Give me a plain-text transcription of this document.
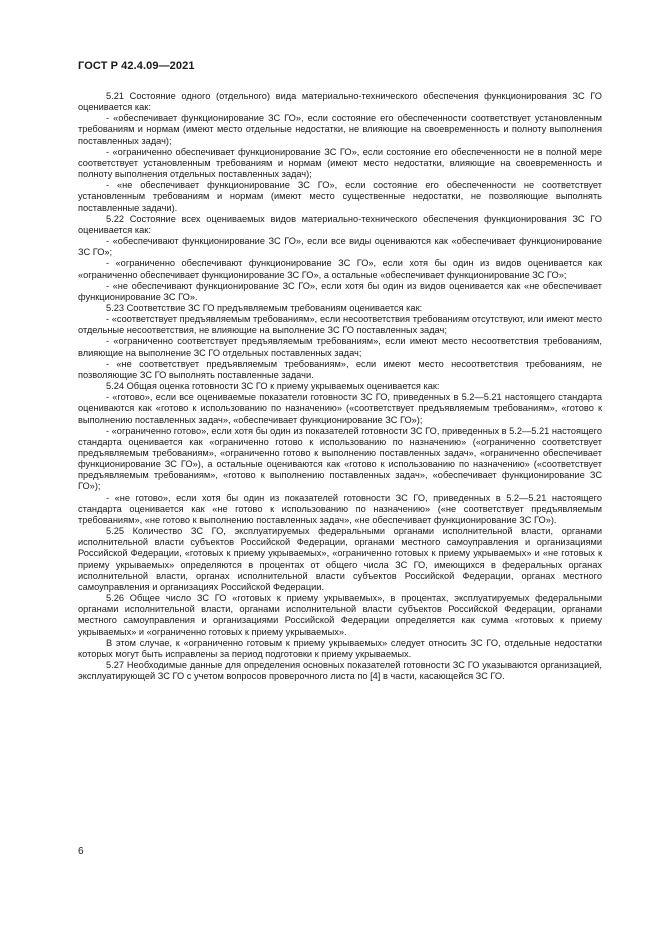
ГОСТ Р 42.4.09—2021

5.21 Состояние одного (отдельного) вида материально-технического обеспечения функционирования ЗС ГО оценивается как:

- «обеспечивает функционирование ЗС ГО», если состояние его обеспеченности соответствует установленным требованиям и нормам (имеют место отдельные недостатки, не влияющие на своевременность и полноту выполнения поставленных задач);

- «ограниченно обеспечивает функционирование ЗС ГО», если состояние его обеспеченности не в полной мере соответствует установленным требованиям и нормам (имеют место недостатки, влияющие на своевременность и полноту выполнения отдельных поставленных задач);

- «не обеспечивает функционирование ЗС ГО», если состояние его обеспеченности не соответствует установленным требованиям и нормам (имеют место существенные недостатки, не позволяющие выполнять поставленные задачи).

5.22 Состояние всех оцениваемых видов материально-технического обеспечения функционирования ЗС ГО оценивается как:

- «обеспечивают функционирование ЗС ГО», если все виды оцениваются как «обеспечивает функционирование ЗС ГО»;

- «ограниченно обеспечивают функционирование ЗС ГО», если хотя бы один из видов оценивается как «ограниченно обеспечивает функционирование ЗС ГО», а остальные «обеспечивает функционирование ЗС ГО»;

- «не обеспечивают функционирование ЗС ГО», если хотя бы один из видов оценивается как «не обеспечивает функционирование ЗС ГО».

5.23 Соответствие ЗС ГО предъявляемым требованиям оценивается как:

- «соответствует предъявляемым требованиям», если несоответствия требованиям отсутствуют, или имеют место отдельные несоответствия, не влияющие на выполнение ЗС ГО поставленных задач;

- «ограниченно соответствует предъявляемым требованиям», если имеют место несоответствия требованиям, влияющие на выполнение ЗС ГО отдельных поставленных задач;

- «не соответствует предъявляемым требованиям», если имеют место несоответствия требованиям, не позволяющие ЗС ГО выполнять поставленные задачи.

5.24 Общая оценка готовности ЗС ГО к приему укрываемых оценивается как:

- «готово», если все оцениваемые показатели готовности ЗС ГО, приведенных в 5.2—5.21 настоящего стандарта оцениваются как «готово к использованию по назначению» («соответствует предъявляемым требованиям», «готово к выполнению поставленных задач», «обеспечивает функционирование ЗС ГО»);

- «ограниченно готово», если хотя бы один из показателей готовности ЗС ГО, приведенных в 5.2—5.21 настоящего стандарта оценивается как «ограниченно готово к использованию по назначению» («ограниченно соответствует предъявляемым требованиям», «ограниченно готово к выполнению поставленных задач», «ограниченно обеспечивает функционирование ЗС ГО»), а остальные оцениваются как «готово к использованию по назначению» («соответствует предъявляемым требованиям», «готово к выполнению поставленных задач», «обеспечивает функционирование ЗС ГО»);

- «не готово», если хотя бы один из показателей готовности ЗС ГО, приведенных в 5.2—5.21 настоящего стандарта оценивается как «не готово к использованию по назначению» («не соответствует предъявляемым требованиям», «не готово к выполнению поставленных задач», «не обеспечивает функционирование ЗС ГО»).

5.25 Количество ЗС ГО, эксплуатируемых федеральными органами исполнительной власти, органами исполнительной власти субъектов Российской Федерации, органами местного самоуправления и организациями Российской Федерации, «готовых к приему укрываемых», «ограниченно готовых к приему укрываемых» и «не готовых к приему укрываемых» определяются в процентах от общего числа ЗС ГО, имеющихся в федеральных органах исполнительной власти, органах исполнительной власти субъектов Российской Федерации, органах местного самоуправления и организациях Российской Федерации.

5.26 Общее число ЗС ГО «готовых к приему укрываемых», в процентах, эксплуатируемых федеральными органами исполнительной власти, органами исполнительной власти субъектов Российской Федерации, органами местного самоуправления и организациями Российской Федерации определяется как сумма «готовых к приему укрываемых» и «ограниченно готовых к приему укрываемых».

В этом случае, к «ограниченно готовым к приему укрываемых» следует относить ЗС ГО, отдельные недостатки которых могут быть исправлены за период подготовки к приему укрываемых.

5.27 Необходимые данные для определения основных показателей готовности ЗС ГО указываются организацией, эксплуатирующей ЗС ГО с учетом вопросов проверочного листа по [4] в части, касающейся ЗС ГО.

6
